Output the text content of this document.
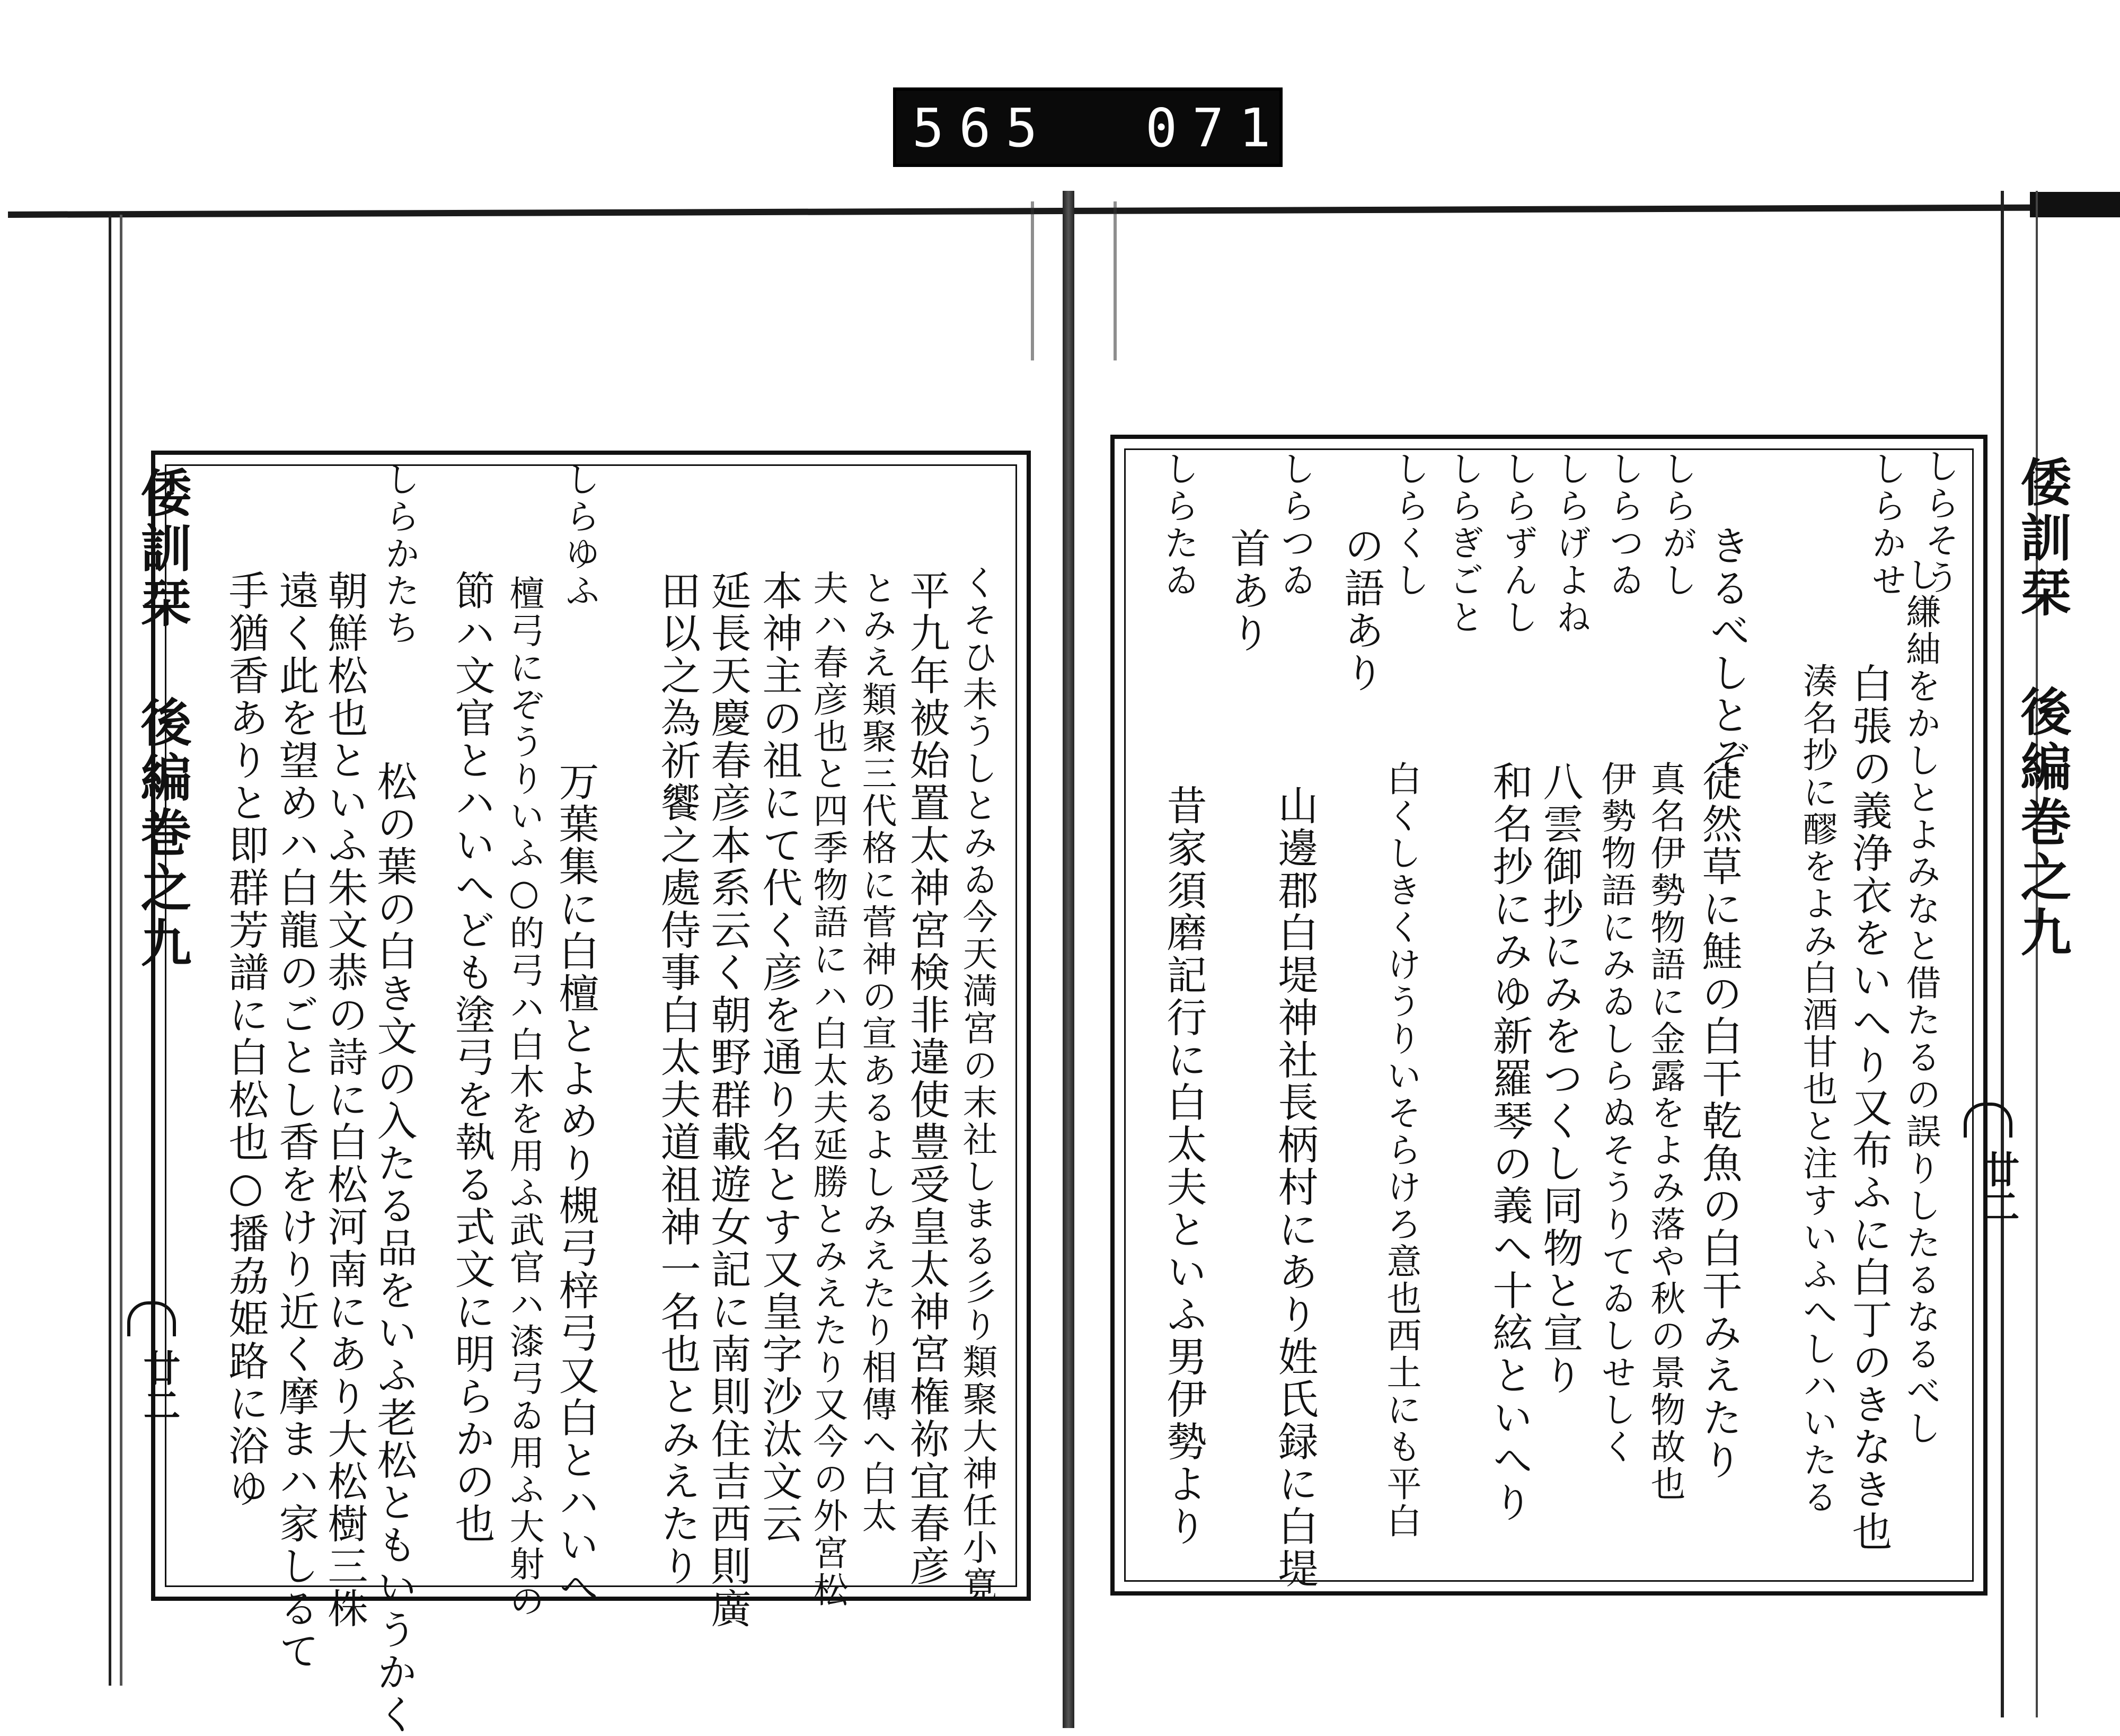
565 071.
倭訓栞 後編巻之九
廿二	くそひ未うしとみゐ今天満宮の末社しまる彡り類聚大神任小寛
平九年被始置太神宮検非違使豊受皇太神宮権祢宜春彦
とみえ類聚三代格に菅神の宣あるよしみえたり相傳へ白太
夫ハ春彦也と四季物語にハ白太夫延勝とみえたり又今の外宮松
本神主の祖にて代く彦を通り名とす又皇字沙汰文云
延長天慶春彦本系云く朝野群載遊女記に南則住吉西則廣
田以之為祈饗之處侍事白太夫道祖神一名也とみえたり
しらゆふ
万葉集に白檀とよめり槻弓梓弓又白とハいへ
檀弓にぞうりいふ○的弓ハ白木を用ふ武官ハ漆弓ゐ用ふ大射の
節ハ文官とハいへども塗弓を執る式文に明らかの也
しらかたち
松の葉の白き文の入たる品をいふ老松ともいうかく
朝鮮松也といふ朱文恭の詩に白松河南にあり大松樹三株
遠く此を望めハ白龍のごとし香をけり近く摩まハ家しるて
手猶香ありと即群芳譜に白松也○播劦姫路に浴ゆ	倭訓栞 後編巻之九
廿二
しらそう
しらかせ
しらがし
しらつゐ
しらげよね
しらずんし
しらぎごと
しらくし
しらつゐ
しらたゐ 首あり の語あり	きるべしとぞ	し縑紬をかしとよみなと借たるの誤りしたるなるべし
白張の義浄衣をいへり又布ふに白丁のきなき也
湊名抄に醪をよみ白酒甘也と注すいふへしハいたる
徒然草に鮭の白干乾魚の白干みえたり
真名伊勢物語に金露をよみ落や秋の景物故也
伊勢物語にみゐしらぬそうりてゐしせしく
八雲御抄にみをつくし同物と宣り
和名抄にみゆ新羅琴の義へ十絃といへり
白くしきくけうりいそらけろ意也西土にも平白
山邊郡白堤神社長柄村にあり姓氏録に白堤
昔家須磨記行に白太夫といふ男伊勢より
